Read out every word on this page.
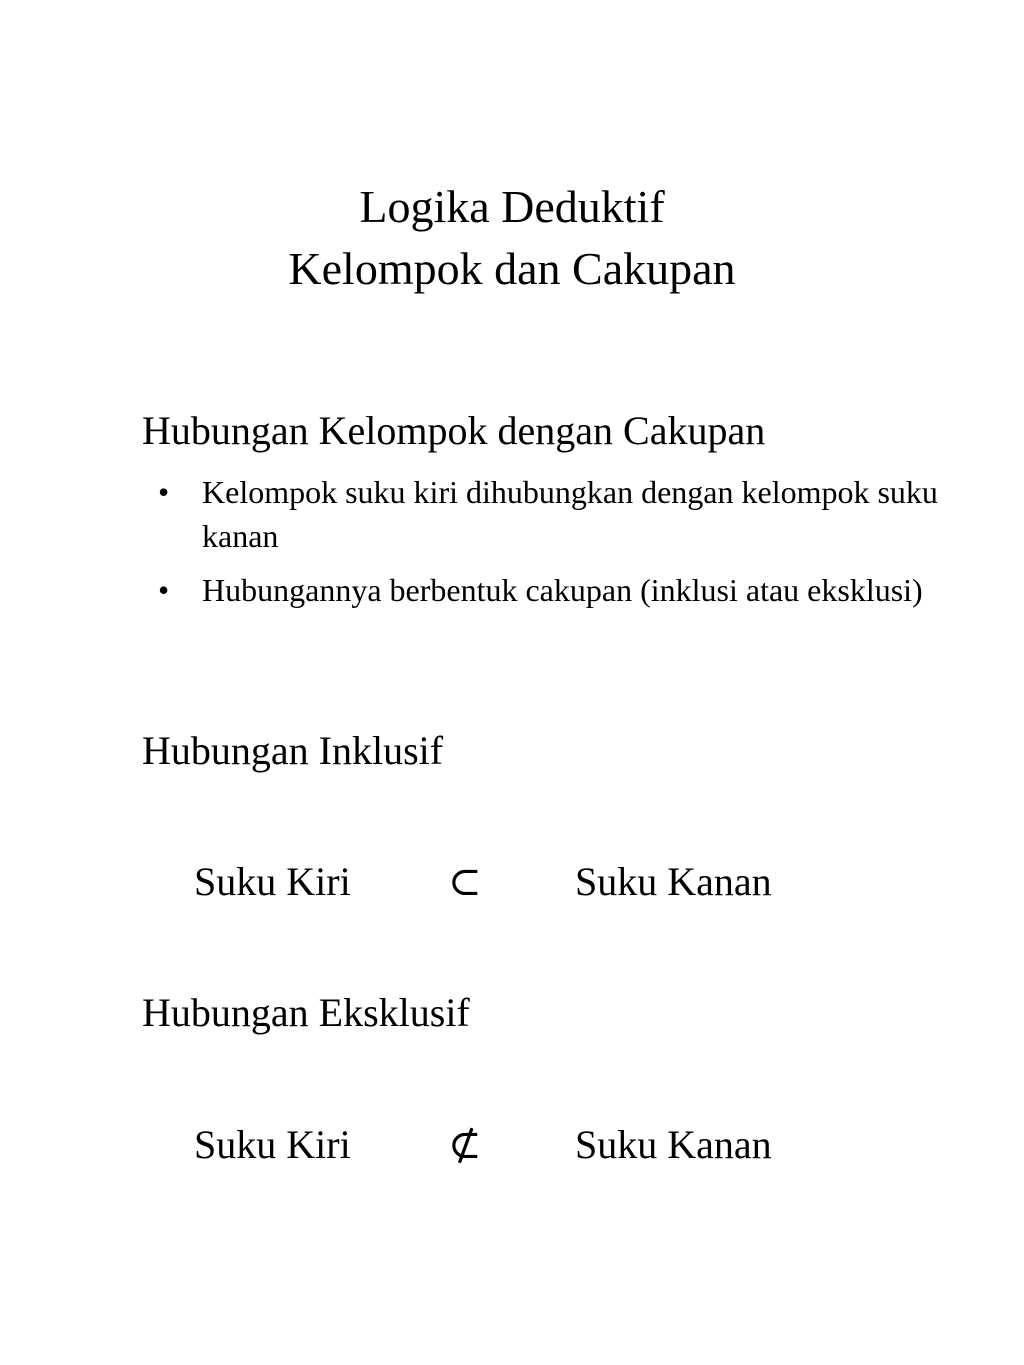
Logika Deduktif
Kelompok dan Cakupan
Hubungan Kelompok dengan Cakupan
• Kelompok suku kiri dihubungkan dengan kelompok suku kanan
• Hubungannya berbentuk cakupan (inklusi atau eksklusi)
Hubungan Inklusif
Suku Kiri ⊂ Suku Kanan
Hubungan Eksklusif
Suku Kiri ⊄ Suku Kanan
